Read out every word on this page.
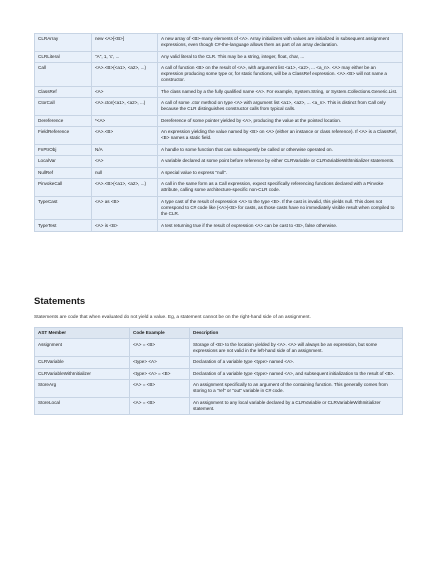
CLRArray	new <A>[<B>]	A new array of <B>-many elements of <A>. Array initializers with values are initialized in subsequent assignment expressions, even though C#-the-language allows them as part of an array declaration.
CLRLiteral	"A", 1, 'c', ...	Any valid literal to the CLR. This may be a string, integer, float, char, ...
Call	<A>.<B>(<a1>, <a2>, ...)	A call of function <B> on the result of <A>, with argument list <a1>, <a2>, ... <a_n>. <A> may either be an expression producing some type or, for static functions, will be a ClassRef expression. <A>.<B> will not name a constructor.
ClassRef	<A>	The class named by a the fully qualified name <A>. For example, System.String, or System.Collections.Generic.List.
CtorCall	<A>.ctor(<a1>, <a2>, ...)	A call of some .ctor method on type <A> with argument list <a1>, <a2>, ... <a_n>. This is distinct from Call only because the CLR distinguishes constructor calls from typical calls.
Dereference	*<A>	Dereference of some pointer yielded by <A>, producing the value at the pointed location.
FieldReference	<A>.<B>	An expression yielding the value named by <B> on <A> (either an instance or class reference). If <A> is a ClassRef, <B> names a static field.
FnPtrObj	N/A	A handle to some function that can subsequently be called or otherwise operated on.
LocalVar	<A>	A variable declared at some point before reference by either CLRVariable or CLRVariableWithInitializer statements.
NullRef	null	A special value to express "null".
PinvokeCall	<A>.<B>(<a1>, <a2>, ...)	A call in the same form as a Call expression, expect specifically referencing functions declared with a Pinvoke attribute, calling some architecture-specific non-CLR code.
TypeCast	<A> as <B>	A type cast of the result of expression <A> to the type <B>. If the cast is invalid, this yields null. This does not correspond to C# code like (<A>)<B> for casts, as those casts have no immediately visible result when compiled to the CLR.
TypeTest	<A> is <B>	A test returning true if the result of expression <A> can be cast to <B>, false otherwise.
Statements

Statements are code that when evaluated do not yield a value. Eg, a statement cannot be on the right-hand side of an assignment.

AST Member	Code Example	Description
Assignment	<A> = <B>	Storage of <B> to the location yielded by <A>. <A> will always be an expression, but some expressions are not valid in the left-hand side of an assignment.
CLRVariable	<type> <A>	Declaration of a variable type <type> named <A>.
CLRVariableWithInitializer	<type> <A> = <B>	Declaration of a variable type <type> named <A>, and subsequent initialization to the result of <B>.
StoreArg	<A> = <B>	An assignment specifically to an argument of the containing function. This generally comes from storing to a "ref" or "out" variable in C# code.
StoreLocal	<A> = <B>	An assignment to any local variable declared by a CLRVariable or CLRVariableWithInitializer statement.
